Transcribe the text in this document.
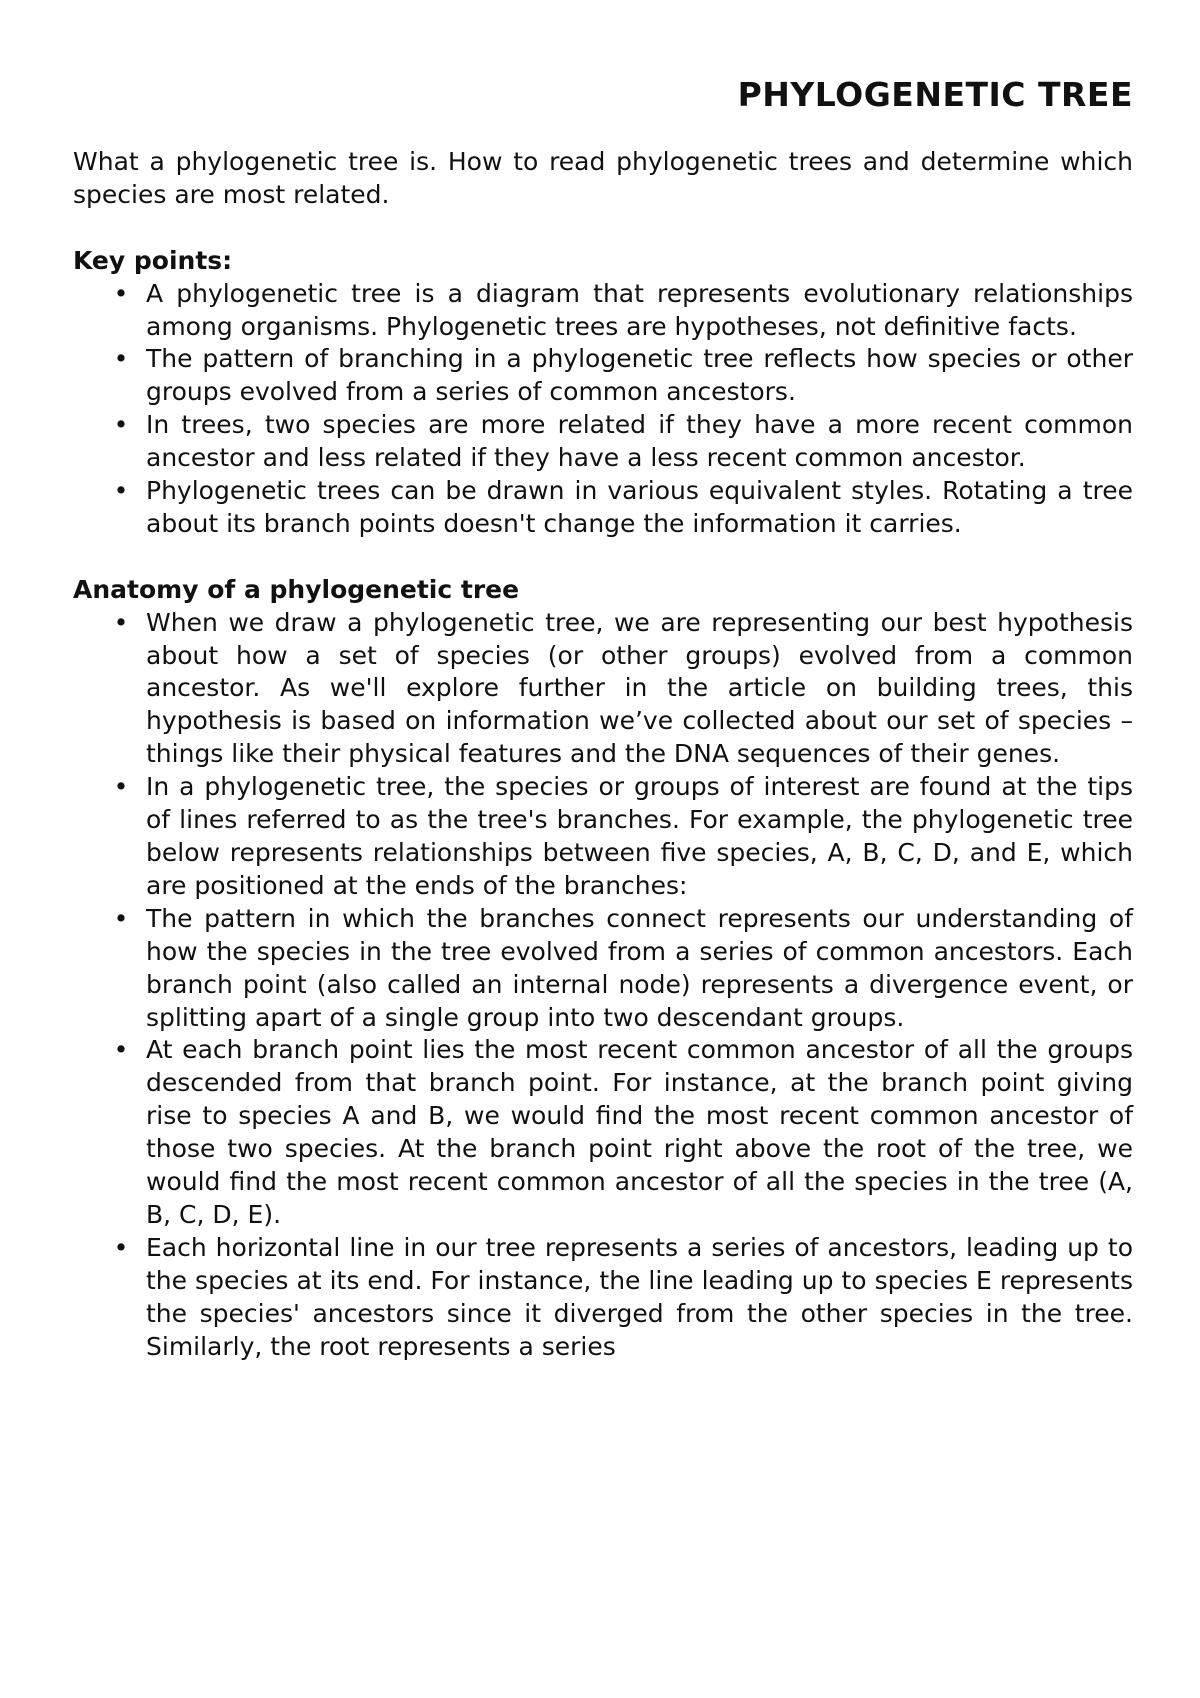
PHYLOGENETIC TREE

What a phylogenetic tree is. How to read phylogenetic trees and determine which species are most related.

Key points:
• A phylogenetic tree is a diagram that represents evolutionary relationships among organisms. Phylogenetic trees are hypotheses, not definitive facts.
• The pattern of branching in a phylogenetic tree reflects how species or other groups evolved from a series of common ancestors.
• In trees, two species are more related if they have a more recent common ancestor and less related if they have a less recent common ancestor.
• Phylogenetic trees can be drawn in various equivalent styles. Rotating a tree about its branch points doesn't change the information it carries.
Anatomy of a phylogenetic tree
• When we draw a phylogenetic tree, we are representing our best hypothesis about how a set of species (or other groups) evolved from a common ancestor. As we'll explore further in the article on building trees, this hypothesis is based on information we’ve collected about our set of species – things like their physical features and the DNA sequences of their genes.
• In a phylogenetic tree, the species or groups of interest are found at the tips of lines referred to as the tree's branches. For example, the phylogenetic tree below represents relationships between five species, A, B, C, D, and E, which are positioned at the ends of the branches:
• The pattern in which the branches connect represents our understanding of how the species in the tree evolved from a series of common ancestors. Each branch point (also called an internal node) represents a divergence event, or splitting apart of a single group into two descendant groups.
• At each branch point lies the most recent common ancestor of all the groups descended from that branch point. For instance, at the branch point giving rise to species A and B, we would find the most recent common ancestor of those two species. At the branch point right above the root of the tree, we would find the most recent common ancestor of all the species in the tree (A, B, C, D, E).
• Each horizontal line in our tree represents a series of ancestors, leading up to the species at its end. For instance, the line leading up to species E represents the species' ancestors since it diverged from the other species in the tree. Similarly, the root represents a series
